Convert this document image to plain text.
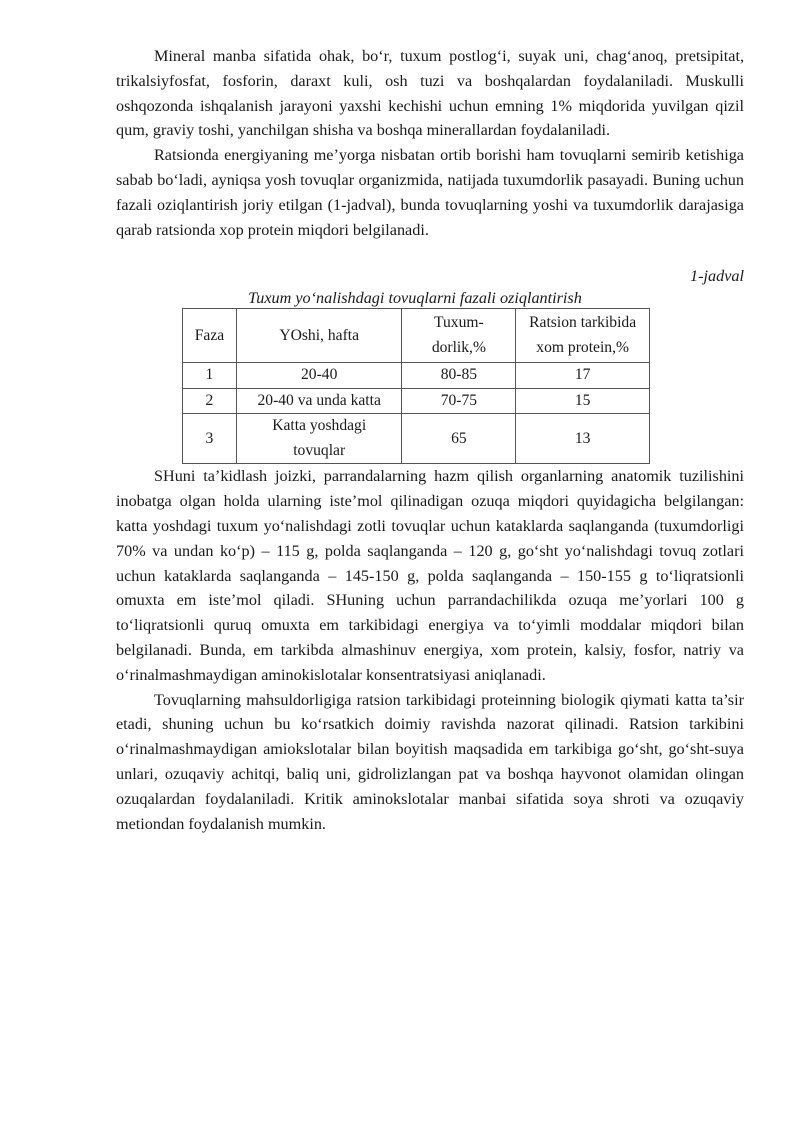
Mineral manba sifatida ohak, bo‘r, tuxum postlog‘i, suyak uni, chag‘anoq, pretsipitat, trikalsiyfosfat, fosforin, daraxt kuli, osh tuzi va boshqalardan foydalaniladi. Muskulli oshqozonda ishqalanish jarayoni yaxshi kechishi uchun emning 1% miqdorida yuvilgan qizil qum, graviy toshi, yanchilgan shisha va boshqa minerallardan foydalaniladi.

Ratsionda energiyaning me’yorga nisbatan ortib borishi ham tovuqlarni semirib ketishiga sabab bo‘ladi, ayniqsa yosh tovuqlar organizmida, natijada tuxumdorlik pasayadi. Buning uchun fazali oziqlantirish joriy etilgan (1-jadval), bunda tovuqlarning yoshi va tuxumdorlik darajasiga qarab ratsionda xop protein miqdori belgilanadi.

1-jadval
Tuxum yo‘nalishdagi tovuqlarni fazali oziqlantirish
Faza	YOshi, hafta	Tuxum-dorlik,%	Ratsion tarkibida xom protein,%
1	20-40	80-85	17
2	20-40 va unda katta	70-75	15
3	Katta yoshdagi tovuqlar	65	13

SHuni ta’kidlash joizki, parrandalarning hazm qilish organlarning anatomik tuzilishini inobatga olgan holda ularning iste’mol qilinadigan ozuqa miqdori quyidagicha belgilangan: katta yoshdagi tuxum yo‘nalishdagi zotli tovuqlar uchun kataklarda saqlanganda (tuxumdorligi 70% va undan ko‘p) – 115 g, polda saqlanganda – 120 g, go‘sht yo‘nalishdagi tovuq zotlari uchun kataklarda saqlanganda – 145-150 g, polda saqlanganda – 150-155 g to‘liqratsionli omuxta em iste’mol qiladi. SHuning uchun parrandachilikda ozuqa me’yorlari 100 g to‘liqratsionli quruq omuxta em tarkibidagi energiya va to‘yimli moddalar miqdori bilan belgilanadi. Bunda, em tarkibda almashinuv energiya, xom protein, kalsiy, fosfor, natriy va o‘rinalmashmaydigan aminokislotalar konsentratsiyasi aniqlanadi.

Tovuqlarning mahsuldorligiga ratsion tarkibidagi proteinning biologik qiymati katta ta’sir etadi, shuning uchun bu ko‘rsatkich doimiy ravishda nazorat qilinadi. Ratsion tarkibini o‘rinalmashmaydigan amiokslotalar bilan boyitish maqsadida em tarkibiga go‘sht, go‘sht-suya unlari, ozuqaviy achitqi, baliq uni, gidrolizlangan pat va boshqa hayvonot olamidan olingan ozuqalardan foydalaniladi. Kritik aminokslotalar manbai sifatida soya shroti va ozuqaviy metiondan foydalanish mumkin.
